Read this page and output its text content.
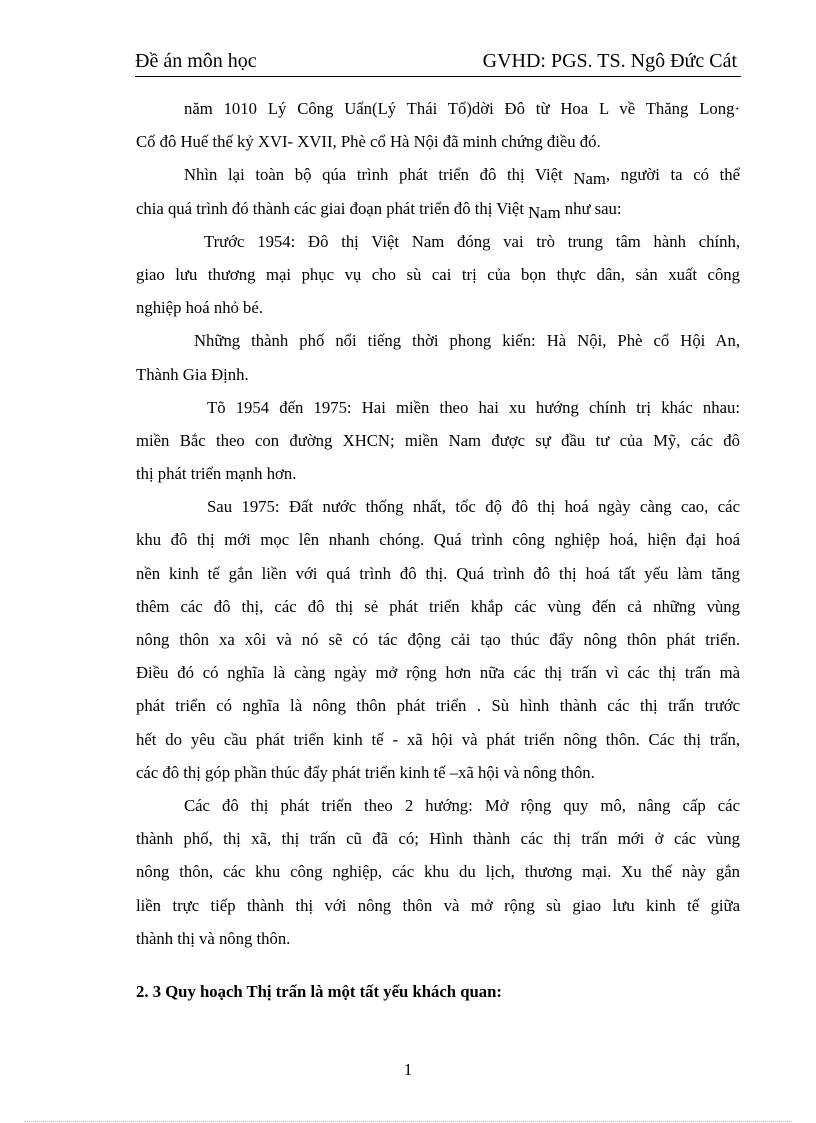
Đề án môn học	GVHD: PGS. TS. Ngô Đức Cát
năm 1010 Lý Công Uẩn(Lý Thái Tổ)dời Đô từ Hoa L về Thăng Long·
Cố đô Huế thế kỷ XVI- XVII, Phè cổ Hà Nội đã minh chứng điều đó.
Nhìn lại toàn bộ qúa trình phát triển đô thị Việt Nam, người ta có thể
chia quá trình đó thành các giai đoạn phát triển đô thị Việt Nam như sau:
Trước 1954: Đô thị Việt Nam đóng vai trò trung tâm hành chính,
giao lưu thương mại phục vụ cho sù cai trị của bọn thực dân, sản xuất công
nghiệp hoá nhỏ bé.
Những thành phố nổi tiếng thời phong kiến: Hà Nội, Phè cổ Hội An,
Thành Gia Định.
Tõ 1954 đến 1975: Hai miền theo hai xu hướng chính trị khác nhau:
miền Bắc theo con đường XHCN; miền Nam được sự đầu tư của Mỹ, các đô
thị phát triển mạnh hơn.
Sau 1975: Đất nước thống nhất, tốc độ đô thị hoá ngày càng cao, các
khu đô thị mới mọc lên nhanh chóng. Quá trình công nghiệp hoá, hiện đại hoá
nền kinh tế gắn liền với quá trình đô thị. Quá trình đô thị hoá tất yếu làm tăng
thêm các đô thị, các đô thị sẻ phát triển khắp các vùng đến cả những vùng
nông thôn xa xôi và nó sẽ có tác động cải tạo thúc đẩy nông thôn phát triển.
Điều đó có nghĩa là càng ngày mở rộng hơn nữa các thị trấn vì các thị trấn mà
phát triển có nghĩa là nông thôn phát triển . Sù hình thành các thị trấn trước
hết do yêu cầu phát triển kinh tế - xã hội và phát triển nông thôn. Các thị trấn,
các đô thị góp phần thúc đẩy phát triển kinh tế –xã hội và nông thôn.
Các đô thị phát triển theo 2 hướng: Mở rộng quy mô, nâng cấp các
thành phố, thị xã, thị trấn cũ đã có; Hình thành các thị trấn mới ở các vùng
nông thôn, các khu công nghiệp, các khu du lịch, thương mại. Xu thế này gắn
liền trực tiếp thành thị với nông thôn và mở rộng sù giao lưu kinh tế giữa
thành thị và nông thôn.
2. 3 Quy hoạch Thị trấn là một tất yếu khách quan:
1
